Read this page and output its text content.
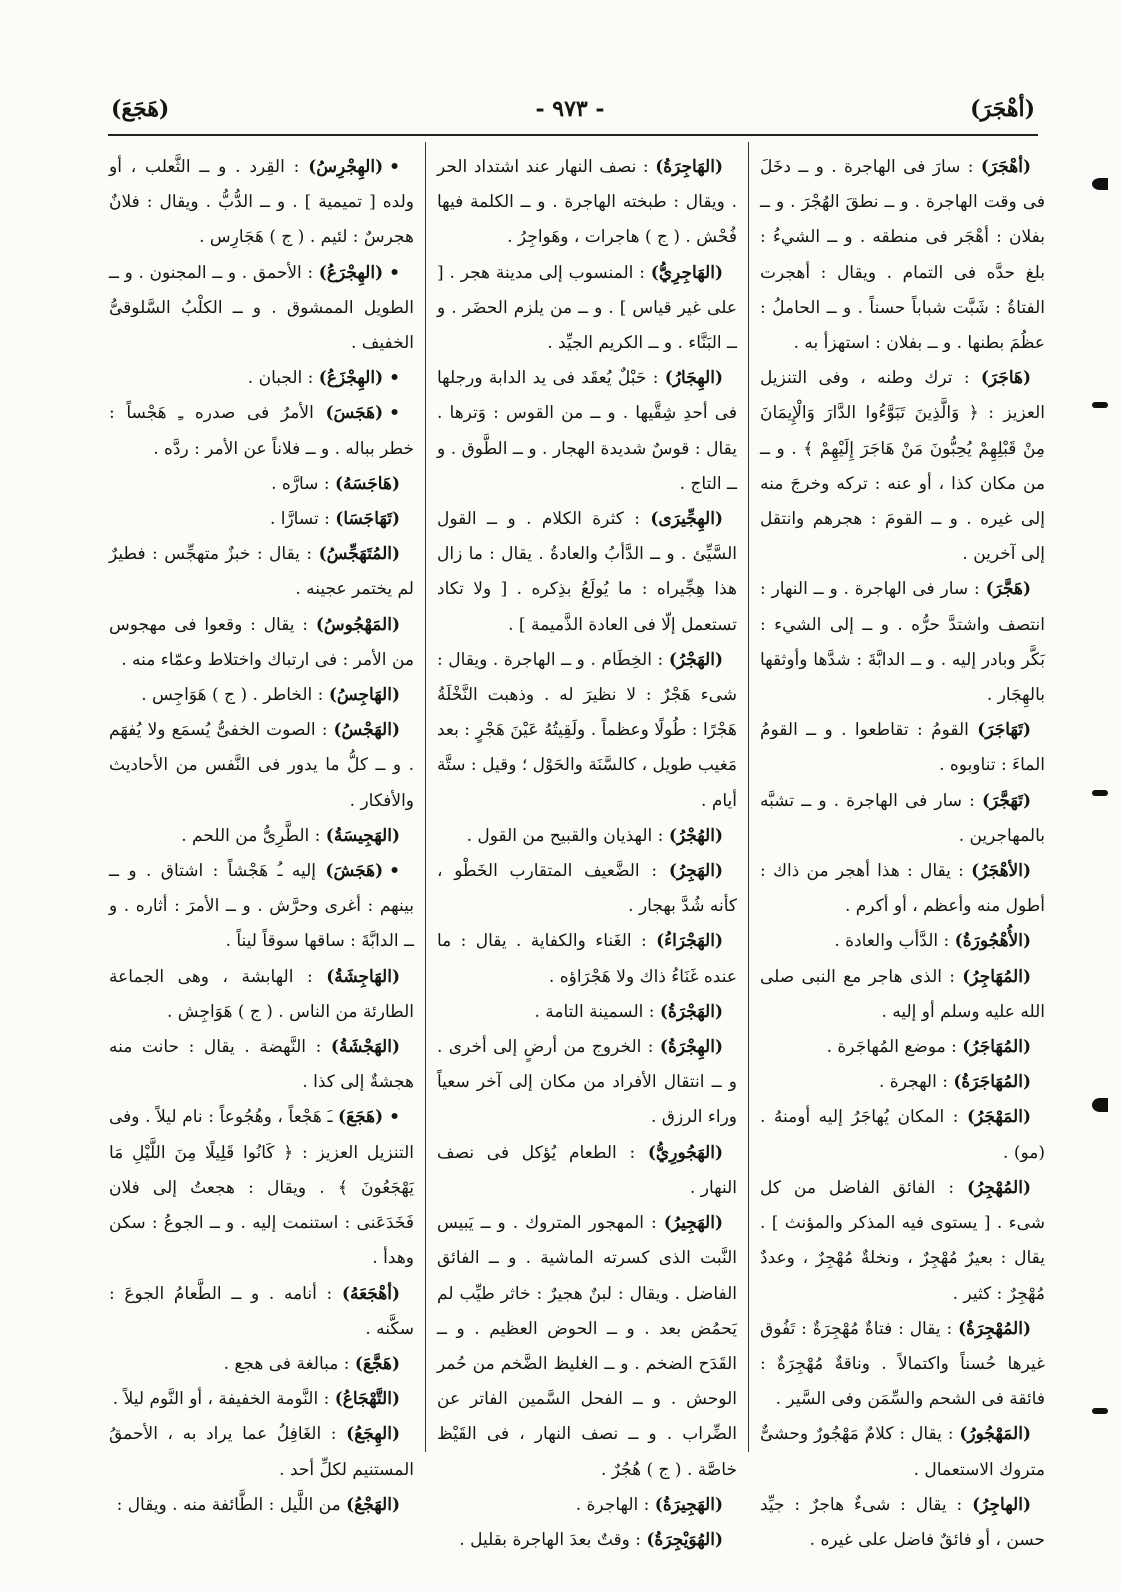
(هَجَعَ)	- ٩٧٣ -	(أهْجَرَ)

(أهْجَرَ) : سارَ فى الهاجرة . و ــ دخَلَ فى وقت الهاجرة . و ــ نطقَ الهُجْرَ . و ــ بفلان : أهْجَر فى منطقه . و ــ الشيءُ : بلغ حدَّه فى التمام . ويقال : أهجرت الفتاةُ : شَبَّت شباباً حسناً . و ــ الحاملُ : عظُمَ بطنها . و ــ بفلان : استهزأ به .

(هَاجَرَ) : ترك وطنه ، وفى التنزيل العزيز : ﴿ وَالَّذِينَ تَبَوَّءُوا الدَّارَ وَالْإِيمَانَ مِنْ قَبْلِهِمْ يُحِبُّونَ مَنْ هَاجَرَ إِلَيْهِمْ ﴾ . و ــ من مكان كذا ، أو عنه : تركه وخرجَ منه إلى غيره . و ــ القومَ : هجرهم وانتقل إلى آخرين .

(هَجَّرَ) : سار فى الهاجرة . و ــ النهار : انتصف واشتدَّ حرُّه . و ــ إلى الشيء : بَكَّر وبادر إليه . و ــ الدابَّةَ : شدَّها وأوثقها بالهِجَار .

(تَهَاجَرَ) القومُ : تقاطعوا . و ــ القومُ الماءَ : تناوبوه .

(تَهَجَّرَ) : سار فى الهاجرة . و ــ تشبَّه بالمهاجرين .

(الأهْجَرُ) : يقال : هذا أهجر من ذاك : أطول منه وأعظم ، أو أكرم .

(الأُهْجُورَةُ) : الدَّأب والعادة .

(المُهَاجِرُ) : الذى هاجر مع النبى صلى الله عليه وسلم أو إليه .

(المُهَاجَرُ) : موضع المُهاجَرة .

(المُهَاجَرَةُ) : الهجرة .

(المَهْجَرُ) : المكان يُهاجَرُ إليه أومنهُ . (مو) .

(المُهْجِرُ) : الفائق الفاضل من كل شىء . [ يستوى فيه المذكر والمؤنث ] . يقال : بعيرٌ مُهْجِرٌ ، ونخلةٌ مُهْجِرٌ ، وعددٌ مُهْجِرٌ : كثير .

(المُهْجِرَةُ) : يقال : فتاةٌ مُهْجِرَةٌ : تَفُوق غيرها حُسناً واكتمالاً . وناقةٌ مُهْجِرَةٌ : فائقة فى الشحم والسِّمَن وفى السَّير .

(المَهْجُورُ) : يقال : كلامٌ مَهْجُورٌ وحشىٌّ متروك الاستعمال .

(الهاجِرُ) : يقال : شىءٌ هاجرٌ : جيِّد حسن ، أو فائقٌ فاضل على غيره .

(الهَاجِرَةُ) : نصف النهار عند اشتداد الحر . ويقال : طبخته الهاجرة . و ــ الكلمة فيها فُحْش . ( ج ) هاجرات ، وهَواجِرُ .

(الهَاجِرِيُّ) : المنسوب إلى مدينة هجر . [ على غير قياس ] . و ــ من يلزم الحضَر . و ــ البَنَّاء . و ــ الكريم الجيِّد .

(الهِجَارُ) : حَبْلٌ يُعقَد فى يد الدابة ورجلها فى أحدِ شِقَّيها . و ــ من القوس : وَترها . يقال : قوسٌ شديدة الهجار . و ــ الطَّوق . و ــ التاج .

(الهِجِّيرَى) : كثرة الكلام . و ــ القول السَّيِّئ . و ــ الدَّأبُ والعادةُ . يقال : ما زال هذا هِجِّيراه : ما يُولَعُ بذِكره . [ ولا تكاد تستعمل إلّا فى العادة الذَّميمة ] .

(الهَجْرُ) : الخِطَام . و ــ الهاجرة . ويقال : شىء هَجْرٌ : لا نظيرَ له . وذهبت النَّخْلَةُ هَجْرًا : طُولًا وعظماً . ولَقِيتُهُ عَيْنَ هَجْرٍ : بعد مَغيب طويل ، كالسَّنَة والحَوْل ؛ وقيل : ستَّة أيام .

(الهُجْرُ) : الهذيان والقبيح من القول .

(الهَجِرُ) : الضَّعيف المتقارب الخَطْو ، كأنه شُدَّ بهجار .

(الهَجْرَاءُ) : الغَناء والكفاية . يقال : ما عنده غَنَاءُ ذاك ولا هَجْرَاؤه .

(الهَجْرَةُ) : السمينة التامة .

(الهِجْرَةُ) : الخروج من أرضٍ إلى أخرى . و ــ انتقال الأفراد من مكان إلى آخر سعياً وراء الرزق .

(الهَجُورِيُّ) : الطعام يُؤكل فى نصف النهار .

(الهَجِيرُ) : المهجور المتروك . و ــ يَبيس النَّبت الذى كسرته الماشية . و ــ الفائق الفاضل . ويقال : لبنٌ هجيرٌ : خاثر طيِّب لم يَحمُض بعد . و ــ الحوض العظيم . و ــ القَدَح الضخم . و ــ الغليظ الضَّخم من حُمر الوحش . و ــ الفحل السَّمين الفاتر عن الضِّراب . و ــ نصف النهار ، فى القَيْظ خاصَّة . ( ج ) هُجُرٌ .

(الهَجِيرَةُ) : الهاجرة .

(الهُوَيْجِرَةُ) : وقتٌ بعدَ الهاجرة بقليل .

•(الهِجْرِسُ) : القِرد . و ــ الثَّعلب ، أو ولده [ تميمية ] . و ــ الدُّبُّ . ويقال : فلانٌ هجرسٌ : لئيم . ( ج ) هَجَارِس .

•(الهِجْرَعُ) : الأحمق . و ــ المجنون . و ــ الطويل الممشوق . و ــ الكلْبُ السَّلوقىُّ الخفيف .

•(الهِجْزَعُ) : الجبان .

•(هَجَسَ) الأمرُ فى صدره ـِ هَجْساً : خطر بباله . و ــ فلاناً عن الأمر : ردَّه .

(هَاجَسَهُ) : سارَّه .

(تَهَاجَسَا) : تسارَّا .

(المُتَهَجِّسُ) : يقال : خبزٌ متهجِّس : فطيرٌ لم يختمر عجينه .

(المَهْجُوسُ) : يقال : وقعوا فى مهجوس من الأمر : فى ارتباك واختلاط وعمّاء منه .

(الهَاجِسُ) : الخاطر . ( ج ) هَوَاجِس .

(الهَجْسُ) : الصوت الخفىُّ يُسمَع ولا يُفهَم . و ــ كلُّ ما يدور فى النَّفس من الأحاديث والأفكار .

(الهَجِيسَةُ) : الطَّرِىُّ من اللحم .

•(هَجَشَ) إليه ـُ هَجْشاً : اشتاق . و ــ بينهم : أغرى وحرَّش . و ــ الأمرَ : أثاره . و ــ الدابَّةَ : ساقها سوقاً ليناً .

(الهَاجِشَةُ) : الهابشة ، وهى الجماعة الطارئة من الناس . ( ج ) هَوَاجِش .

(الهَجْشَةُ) : النَّهضة . يقال : حانت منه هجشةٌ إلى كذا .

•(هَجَعَ) ـَ هَجْعاً ، وهُجُوعاً : نام ليلاً . وفى التنزيل العزيز : ﴿ كَانُوا قَلِيلًا مِنَ اللَّيْلِ مَا يَهْجَعُونَ ﴾ . ويقال : هجعتُ إلى فلان فَخَدَعَنى : استنمت إليه . و ــ الجوعُ : سكن وهدأ .

(أهْجَعَهُ) : أنامه . و ــ الطَّعامُ الجوعَ : سكَّنه .

(هَجَّعَ) : مبالغة فى هجع .

(التَّهْجَاعُ) : النَّومة الخفيفة ، أو النَّوم ليلاً .

(الهِجَعُ) : الغَافِلُ عما يراد به ، الأحمقُ المستنيم لكلِّ أحد .

(الهَجْعُ) من اللَّيل : الطَّائفة منه . ويقال :
